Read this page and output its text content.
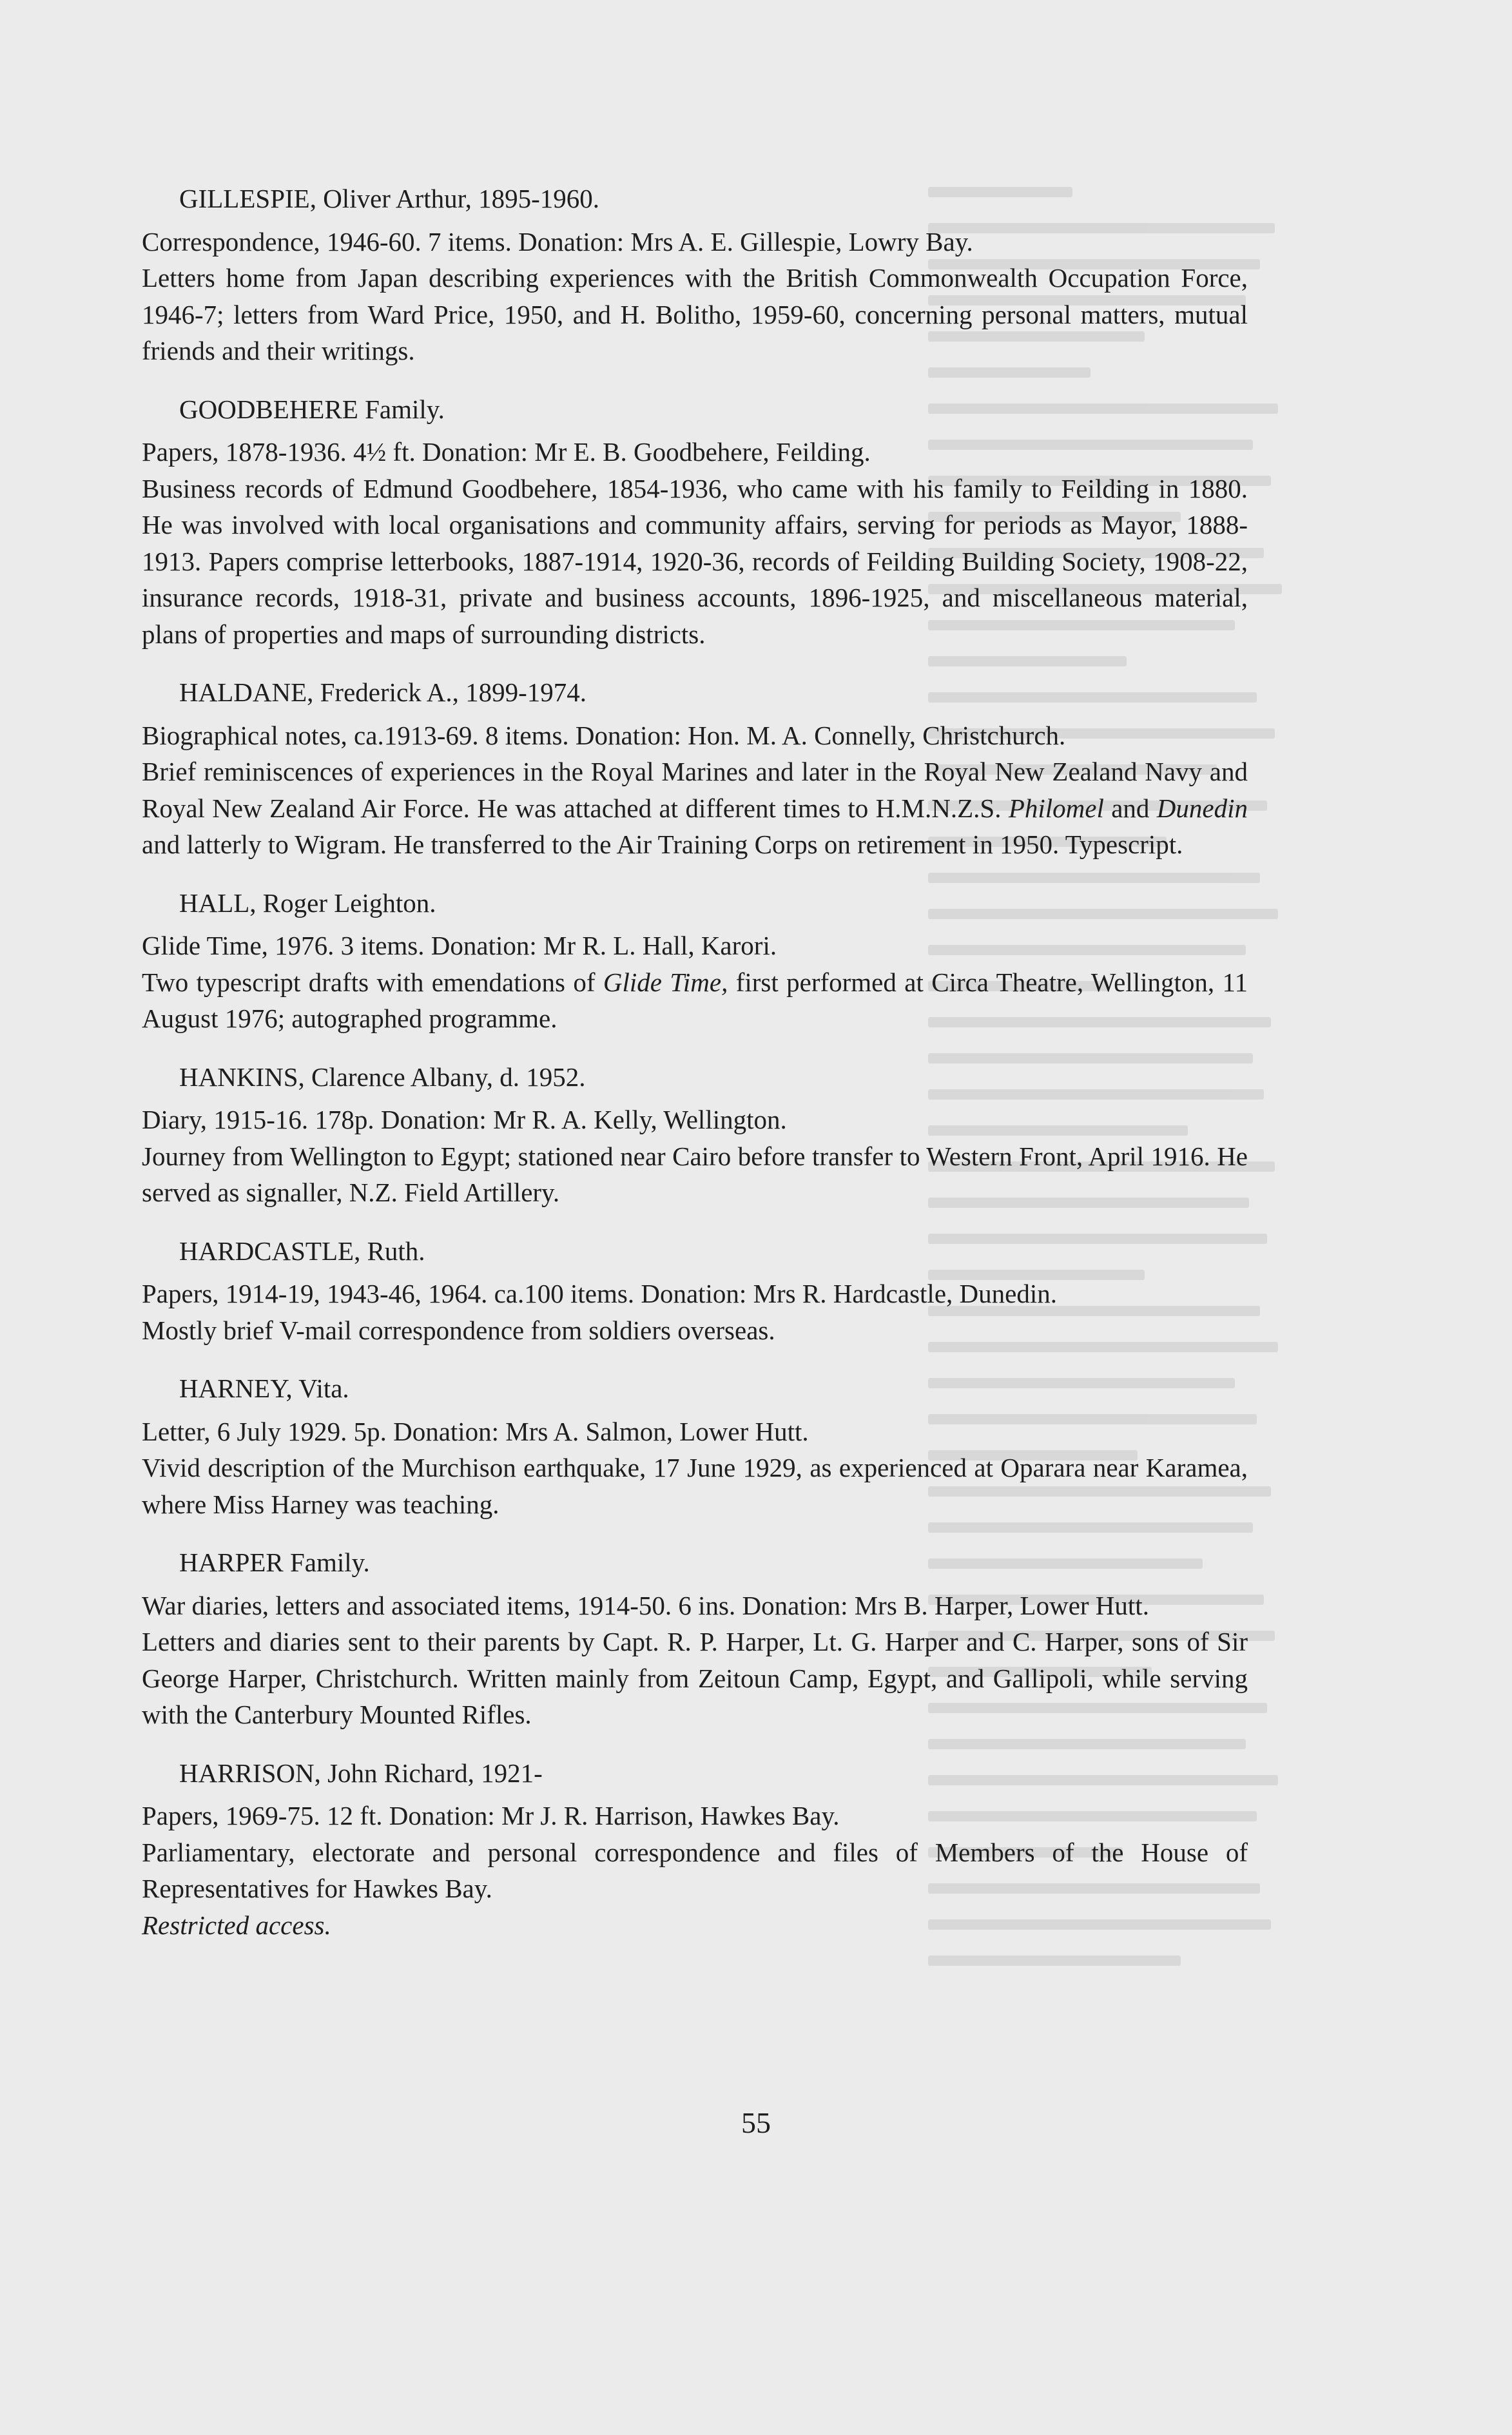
GILLESPIE, Oliver Arthur, 1895-1960.

Correspondence, 1946-60. 7 items. Donation: Mrs A. E. Gillespie, Lowry Bay.

Letters home from Japan describing experiences with the British Commonwealth Occupation Force, 1946-7; letters from Ward Price, 1950, and H. Bolitho, 1959-60, concerning personal matters, mutual friends and their writings.

GOODBEHERE Family.

Papers, 1878-1936. 4½ ft. Donation: Mr E. B. Goodbehere, Feilding.

Business records of Edmund Goodbehere, 1854-1936, who came with his family to Feilding in 1880. He was involved with local organisations and community affairs, serving for periods as Mayor, 1888-1913. Papers comprise letterbooks, 1887-1914, 1920-36, records of Feilding Building Society, 1908-22, insurance records, 1918-31, private and business accounts, 1896-1925, and miscellaneous material, plans of properties and maps of surrounding districts.

HALDANE, Frederick A., 1899-1974.

Biographical notes, ca.1913-69. 8 items. Donation: Hon. M. A. Connelly, Christchurch.

Brief reminiscences of experiences in the Royal Marines and later in the Royal New Zealand Navy and Royal New Zealand Air Force. He was attached at different times to H.M.N.Z.S. Philomel and Dunedin and latterly to Wigram. He transferred to the Air Training Corps on retirement in 1950. Typescript.

HALL, Roger Leighton.

Glide Time, 1976. 3 items. Donation: Mr R. L. Hall, Karori.

Two typescript drafts with emendations of Glide Time, first performed at Circa Theatre, Wellington, 11 August 1976; autographed programme.

HANKINS, Clarence Albany, d. 1952.

Diary, 1915-16. 178p. Donation: Mr R. A. Kelly, Wellington.

Journey from Wellington to Egypt; stationed near Cairo before transfer to Western Front, April 1916. He served as signaller, N.Z. Field Artillery.

HARDCASTLE, Ruth.

Papers, 1914-19, 1943-46, 1964. ca.100 items. Donation: Mrs R. Hardcastle, Dunedin.

Mostly brief V-mail correspondence from soldiers overseas.

HARNEY, Vita.

Letter, 6 July 1929. 5p. Donation: Mrs A. Salmon, Lower Hutt.

Vivid description of the Murchison earthquake, 17 June 1929, as experienced at Oparara near Karamea, where Miss Harney was teaching.

HARPER Family.

War diaries, letters and associated items, 1914-50. 6 ins. Donation: Mrs B. Harper, Lower Hutt.

Letters and diaries sent to their parents by Capt. R. P. Harper, Lt. G. Harper and C. Harper, sons of Sir George Harper, Christchurch. Written mainly from Zeitoun Camp, Egypt, and Gallipoli, while serving with the Canterbury Mounted Rifles.

HARRISON, John Richard, 1921-

Papers, 1969-75. 12 ft. Donation: Mr J. R. Harrison, Hawkes Bay.

Parliamentary, electorate and personal correspondence and files of Members of the House of Representatives for Hawkes Bay.

Restricted access.

55
